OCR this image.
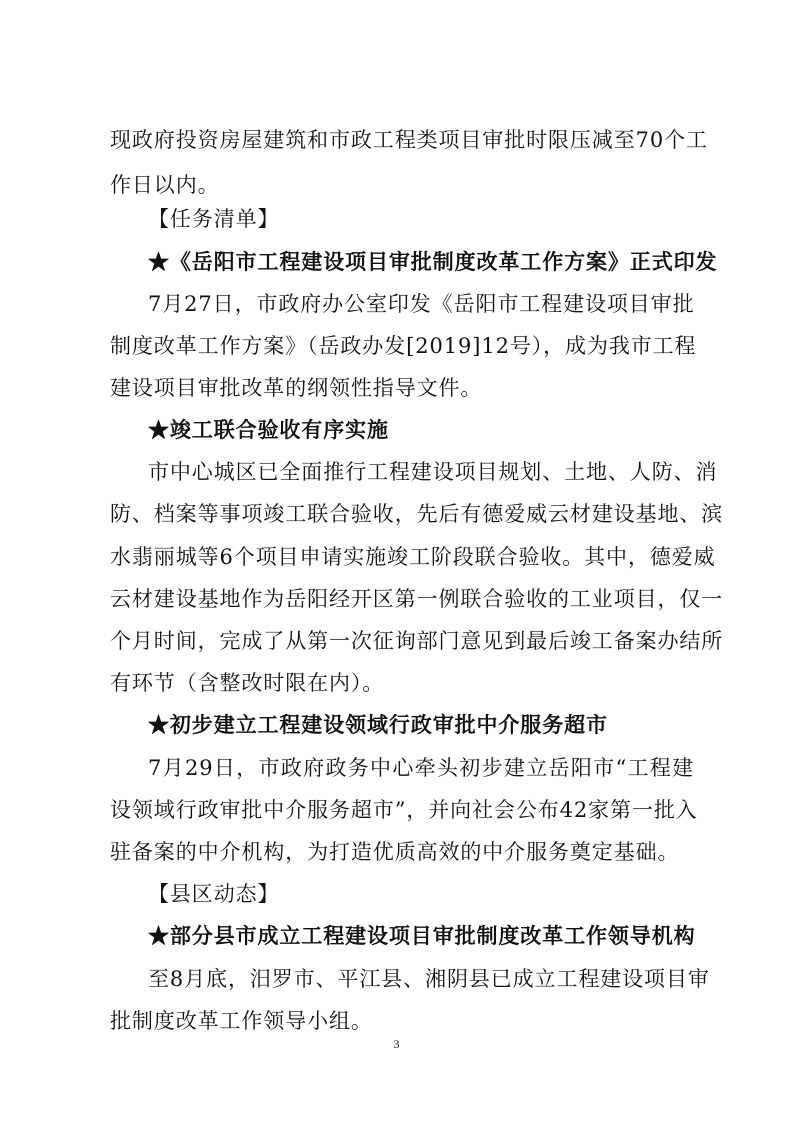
现政府投资房屋建筑和市政工程类项目审批时限压减至70个工
作日以内。
【任务清单】
★《岳阳市工程建设项目审批制度改革工作方案》正式印发
7月27日，市政府办公室印发《岳阳市工程建设项目审批
制度改革工作方案》（岳政办发[2019]12号），成为我市工程
建设项目审批改革的纲领性指导文件。
★竣工联合验收有序实施
市中心城区已全面推行工程建设项目规划、土地、人防、消
防、档案等事项竣工联合验收，先后有德爱威云材建设基地、滨
水翡丽城等6个项目申请实施竣工阶段联合验收。其中，德爱威
云材建设基地作为岳阳经开区第一例联合验收的工业项目，仅一
个月时间，完成了从第一次征询部门意见到最后竣工备案办结所
有环节（含整改时限在内）。
★初步建立工程建设领域行政审批中介服务超市
7月29日，市政府政务中心牵头初步建立岳阳市“工程建
设领域行政审批中介服务超市”，并向社会公布42家第一批入
驻备案的中介机构，为打造优质高效的中介服务奠定基础。
【县区动态】
★部分县市成立工程建设项目审批制度改革工作领导机构
至8月底，汨罗市、平江县、湘阴县已成立工程建设项目审
批制度改革工作领导小组。
3
